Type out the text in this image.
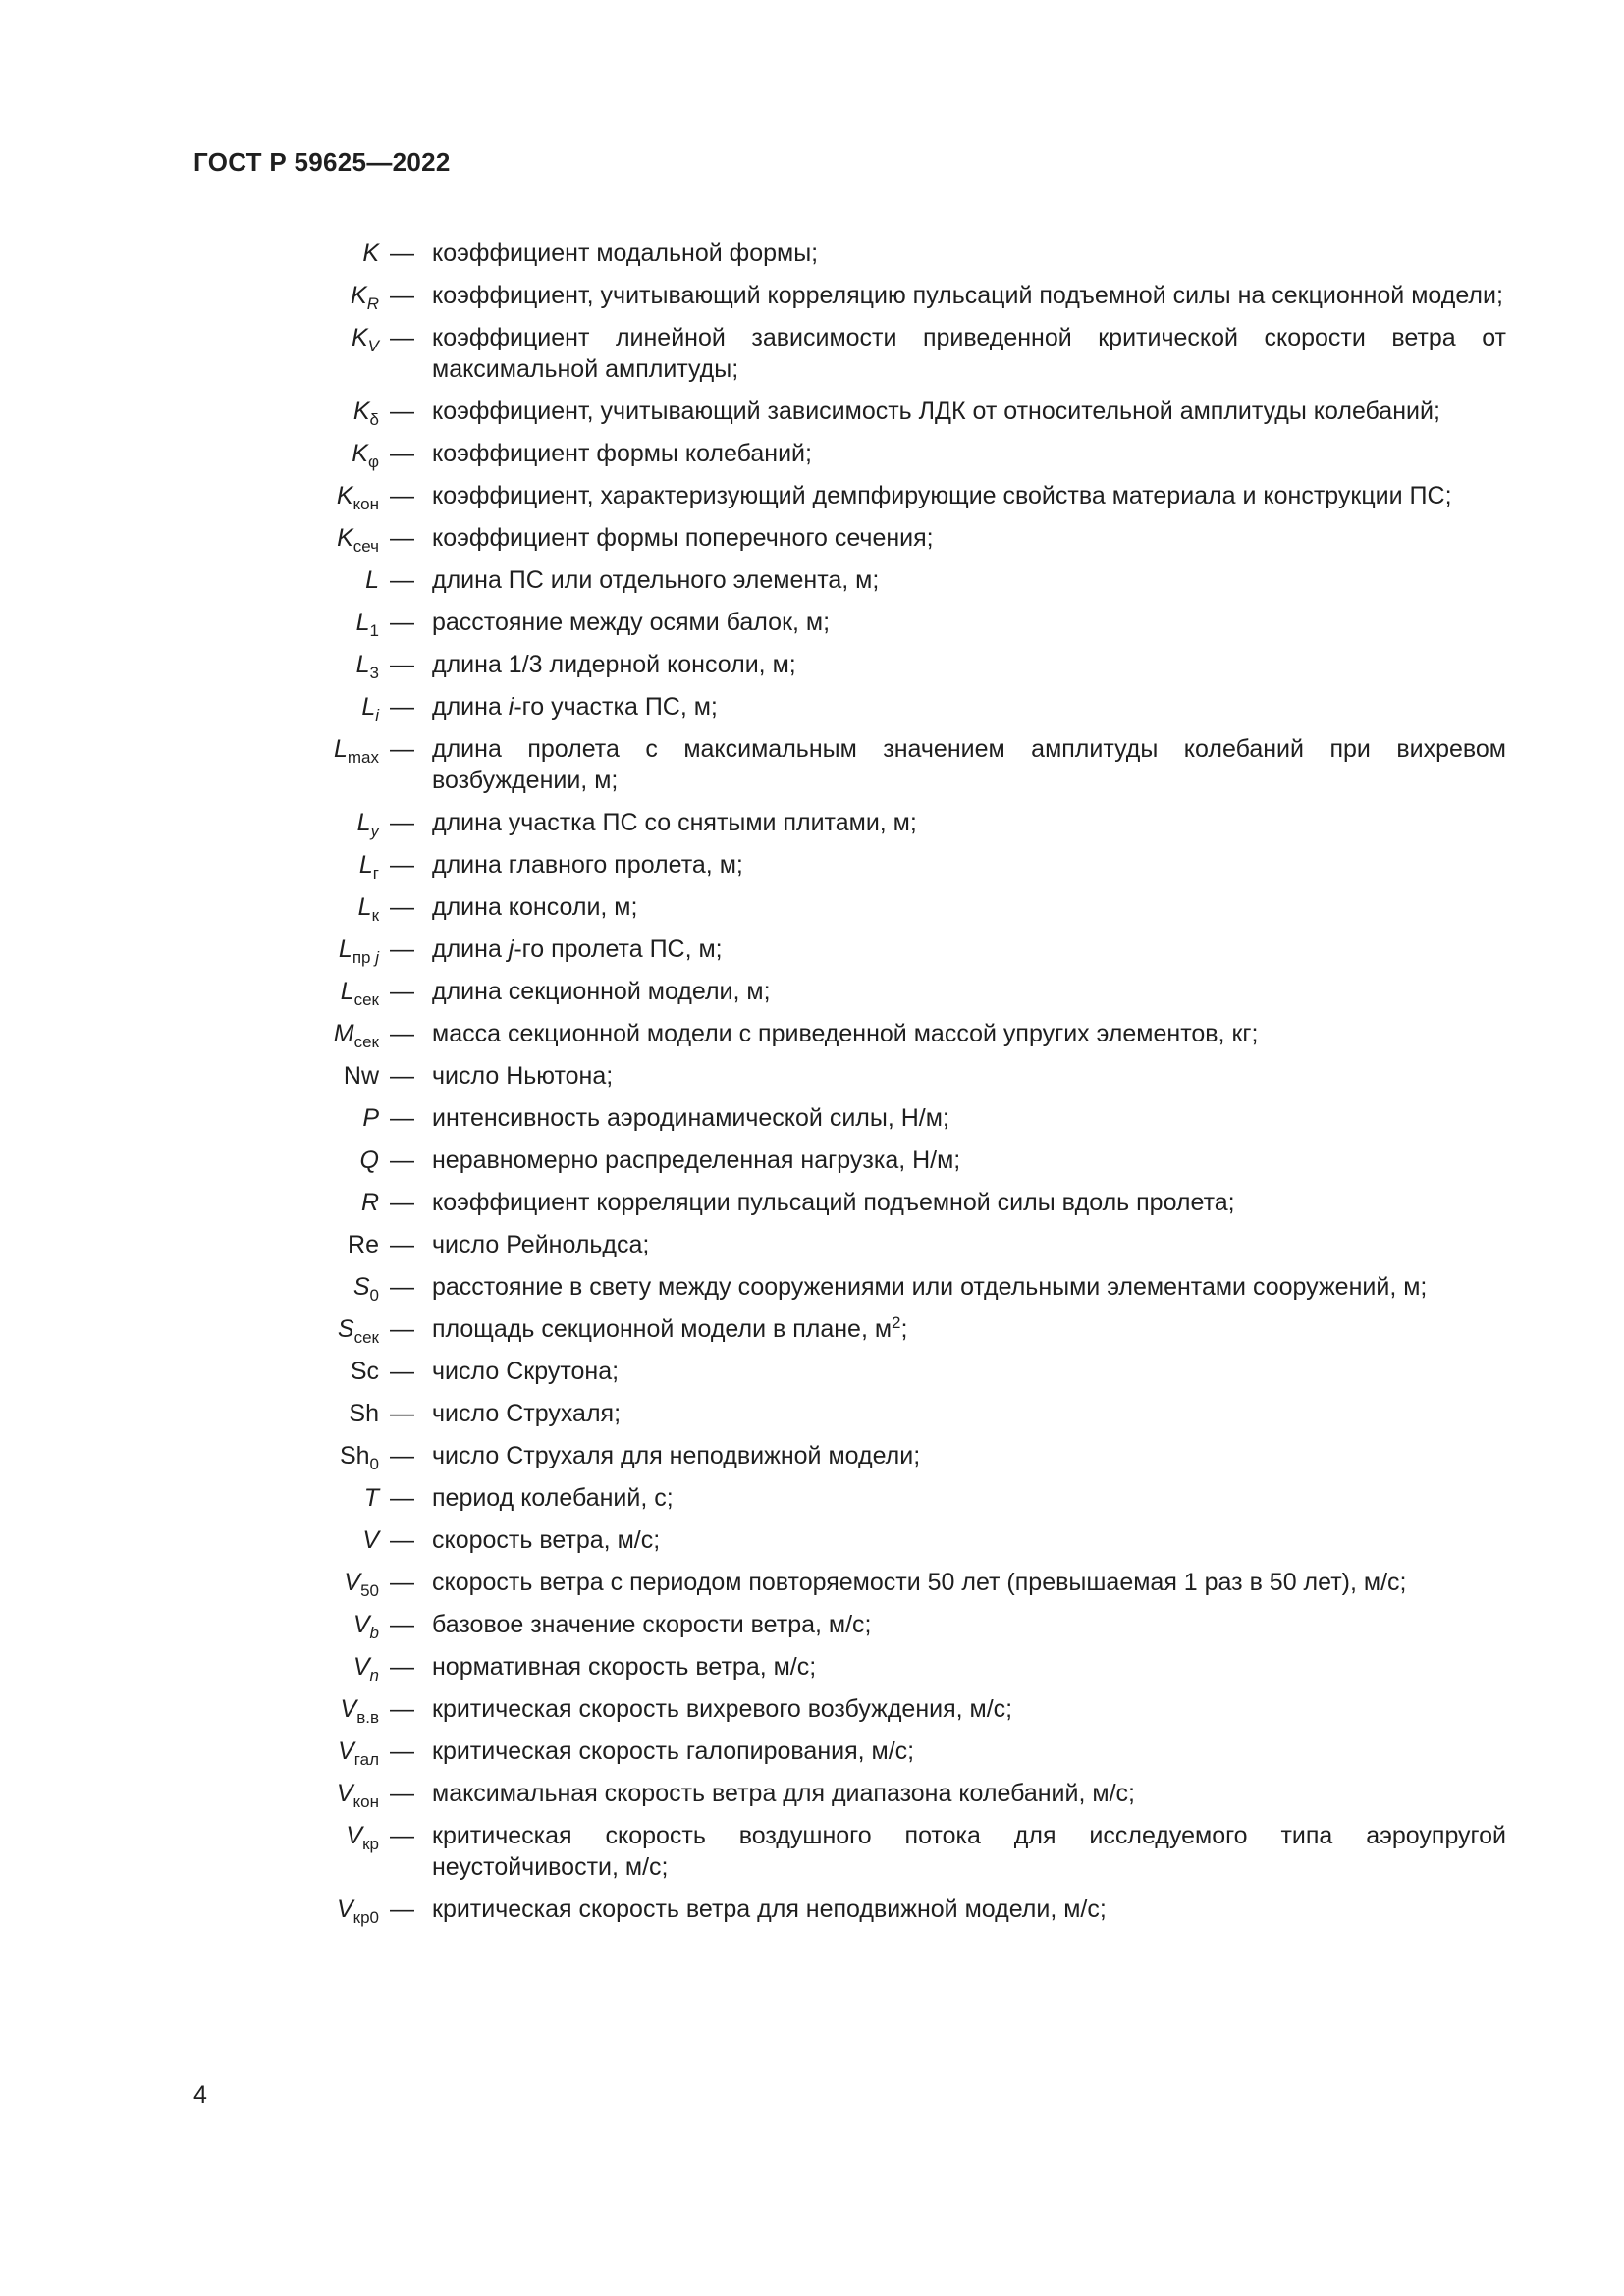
ГОСТ Р 59625—2022
K — коэффициент модальной формы;
$K_R$ — коэффициент, учитывающий корреляцию пульсаций подъемной силы на секционной модели;
$K_V$ — коэффициент линейной зависимости приведенной критической скорости ветра от максимальной амплитуды;
$K_\delta$ — коэффициент, учитывающий зависимость ЛДК от относительной амплитуды колебаний;
$K_\varphi$ — коэффициент формы колебаний;
$K_{кон}$ — коэффициент, характеризующий демпфирующие свойства материала и конструкции ПС;
$K_{сеч}$ — коэффициент формы поперечного сечения;
L — длина ПС или отдельного элемента, м;
$L_1$ — расстояние между осями балок, м;
$L_3$ — длина 1/3 лидерной консоли, м;
$L_i$ — длина i-го участка ПС, м;
$L_{max}$ — длина пролета с максимальным значением амплитуды колебаний при вихревом возбуждении, м;
$L_y$ — длина участка ПС со снятыми плитами, м;
$L_г$ — длина главного пролета, м;
$L_к$ — длина консоли, м;
$L_{пр j}$ — длина j-го пролета ПС, м;
$L_{сек}$ — длина секционной модели, м;
$M_{сек}$ — масса секционной модели с приведенной массой упругих элементов, кг;
Nw — число Ньютона;
P — интенсивность аэродинамической силы, Н/м;
Q — неравномерно распределенная нагрузка, Н/м;
R — коэффициент корреляции пульсаций подъемной силы вдоль пролета;
Re — число Рейнольдса;
$S_0$ — расстояние в свету между сооружениями или отдельными элементами сооружений, м;
$S_{сек}$ — площадь секционной модели в плане, $м^2$;
Sc — число Скрутона;
Sh — число Струхаля;
$Sh_0$ — число Струхаля для неподвижной модели;
T — период колебаний, с;
V — скорость ветра, м/с;
$V_{50}$ — скорость ветра с периодом повторяемости 50 лет (превышаемая 1 раз в 50 лет), м/с;
$V_b$ — базовое значение скорости ветра, м/с;
$V_n$ — нормативная скорость ветра, м/с;
$V_{в.в}$ — критическая скорость вихревого возбуждения, м/с;
$V_{гал}$ — критическая скорость галопирования, м/с;
$V_{кон}$ — максимальная скорость ветра для диапазона колебаний, м/с;
$V_{кр}$ — критическая скорость воздушного потока для исследуемого типа аэроупругой неустойчивости, м/с;
$V_{кр0}$ — критическая скорость ветра для неподвижной модели, м/с;
4
